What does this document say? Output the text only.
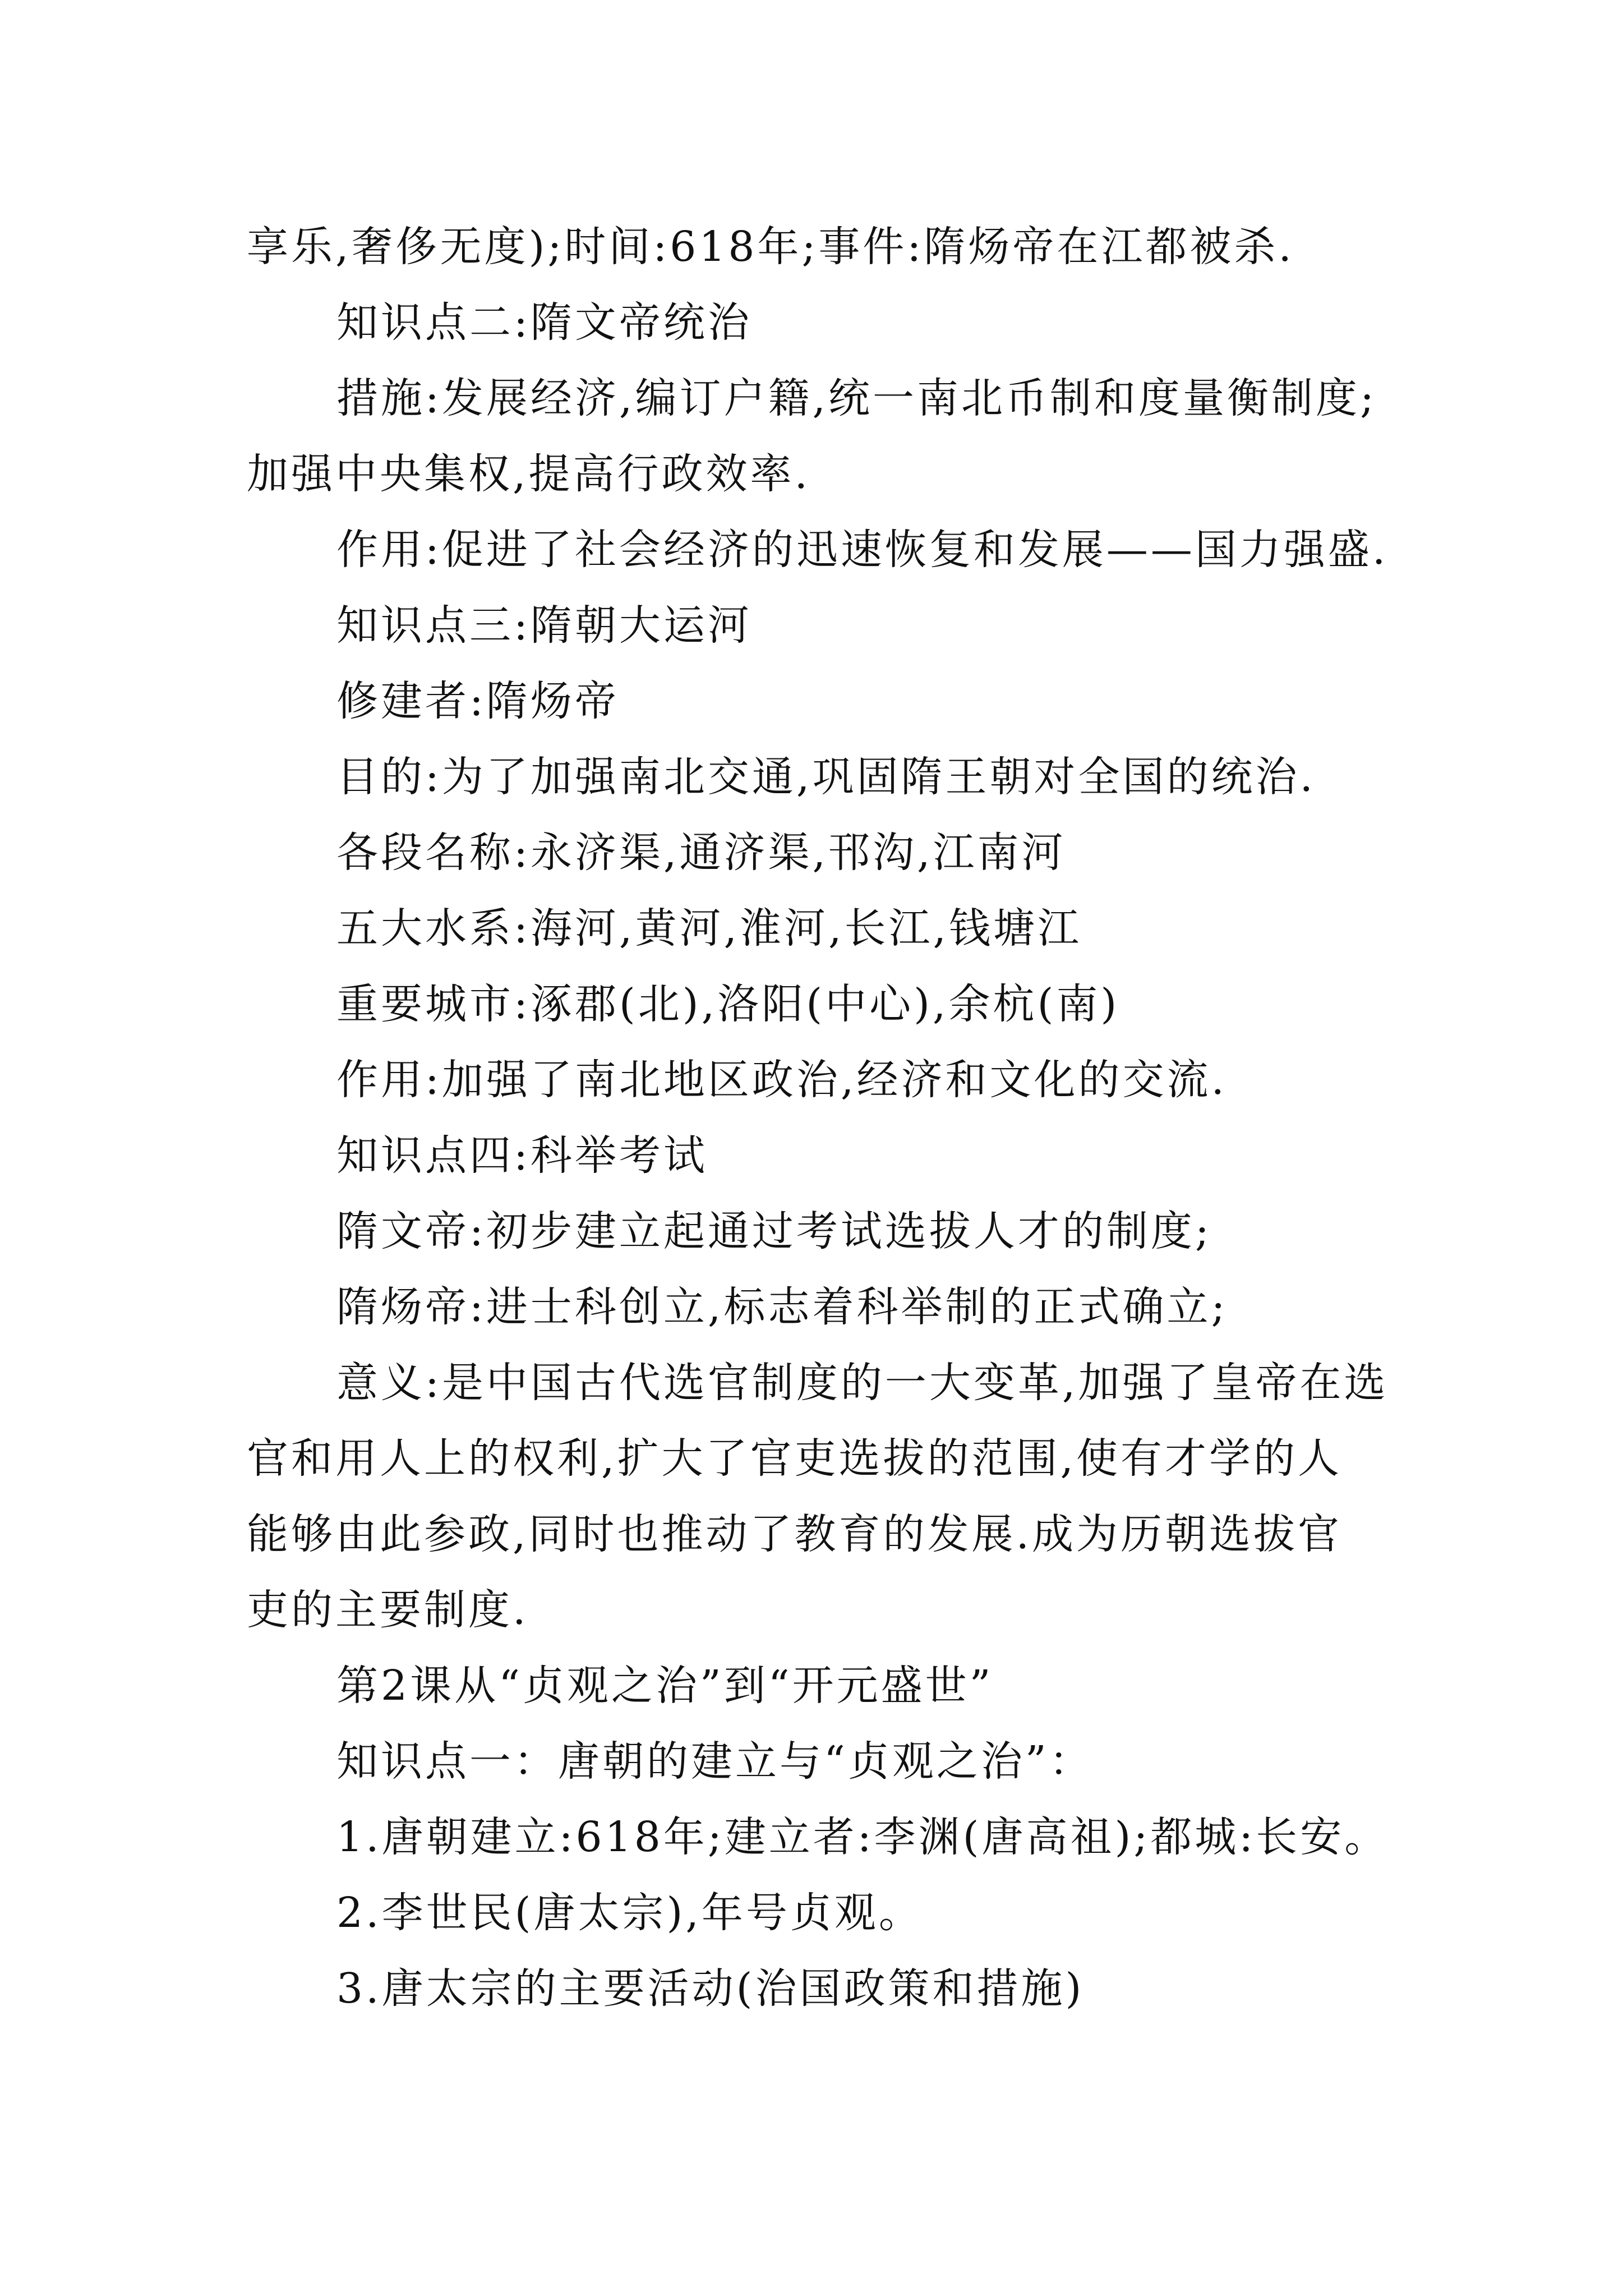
享乐,奢侈无度);时间:618年;事件:隋炀帝在江都被杀.

知识点二:隋文帝统治

措施:发展经济,编订户籍,统一南北币制和度量衡制度;

加强中央集权,提高行政效率.

作用:促进了社会经济的迅速恢复和发展——国力强盛.

知识点三:隋朝大运河

修建者:隋炀帝

目的:为了加强南北交通,巩固隋王朝对全国的统治.

各段名称:永济渠,通济渠,邗沟,江南河

五大水系:海河,黄河,淮河,长江,钱塘江

重要城市:涿郡(北),洛阳(中心),余杭(南)

作用:加强了南北地区政治,经济和文化的交流.

知识点四:科举考试

隋文帝:初步建立起通过考试选拔人才的制度;

隋炀帝:进士科创立,标志着科举制的正式确立;

意义:是中国古代选官制度的一大变革,加强了皇帝在选

官和用人上的权利,扩大了官吏选拔的范围,使有才学的人

能够由此参政,同时也推动了教育的发展.成为历朝选拔官

吏的主要制度.

第2课从“贞观之治”到“开元盛世”

知识点一：唐朝的建立与“贞观之治”：

1.唐朝建立:618年;建立者:李渊(唐高祖);都城:长安。

2.李世民(唐太宗),年号贞观。

3.唐太宗的主要活动(治国政策和措施)
